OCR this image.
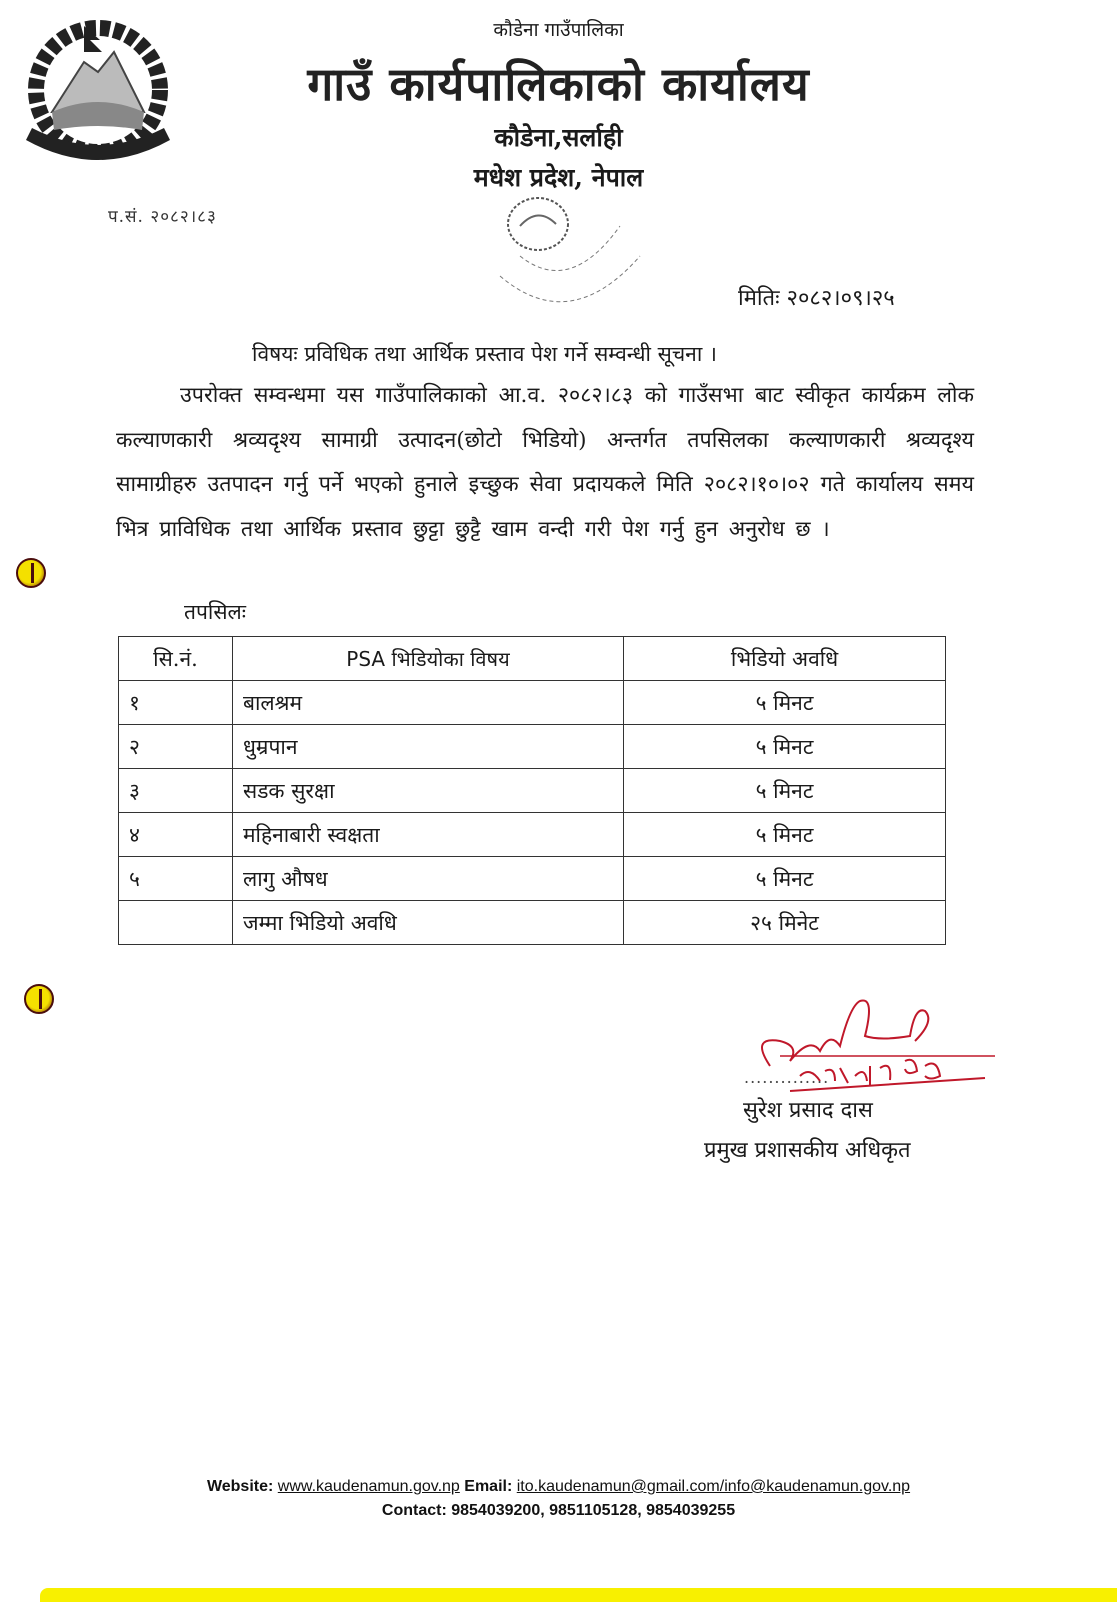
कौडेना गाउँपालिका
गाउँ कार्यपालिकाको कार्यालय
कौडेना,सर्लाही
मधेश प्रदेश, नेपाल
प.सं. २०८२।८३
मितिः २०८२।०९।२५
विषयः प्रविधिक तथा आर्थिक प्रस्ताव पेश गर्ने सम्वन्धी सूचना ।
उपरोक्त सम्वन्धमा यस गाउँपालिकाको आ.व. २०८२।८३ को गाउँसभा बाट स्वीकृत कार्यक्रम लोक कल्याणकारी श्रव्यदृश्य सामाग्री उत्पादन(छोटो भिडियो) अन्तर्गत तपसिलका कल्याणकारी श्रव्यदृश्य सामाग्रीहरु उतपादन गर्नु पर्ने भएको हुनाले इच्छुक सेवा प्रदायकले मिति २०८२।१०।०२ गते कार्यालय समय भित्र प्राविधिक तथा आर्थिक प्रस्ताव छुट्टा छुट्टै खाम वन्दी गरी पेश गर्नु हुन अनुरोध छ ।
तपसिलः
सि.नं.	PSA भिडियोका विषय	भिडियो अवधि
१	बालश्रम	५ मिनट
२	धुम्रपान	५ मिनट
३	सडक सुरक्षा	५ मिनट
४	महिनाबारी स्वक्षता	५ मिनट
५	लागु औषध	५ मिनट
	जम्मा भिडियो अवधि	२५ मिनेट
..............
सुरेश प्रसाद दास
प्रमुख प्रशासकीय अधिकृत
Website: www.kaudenamun.gov.np Email: ito.kaudenamun@gmail.com/info@kaudenamun.gov.np
Contact: 9854039200, 9851105128, 9854039255
